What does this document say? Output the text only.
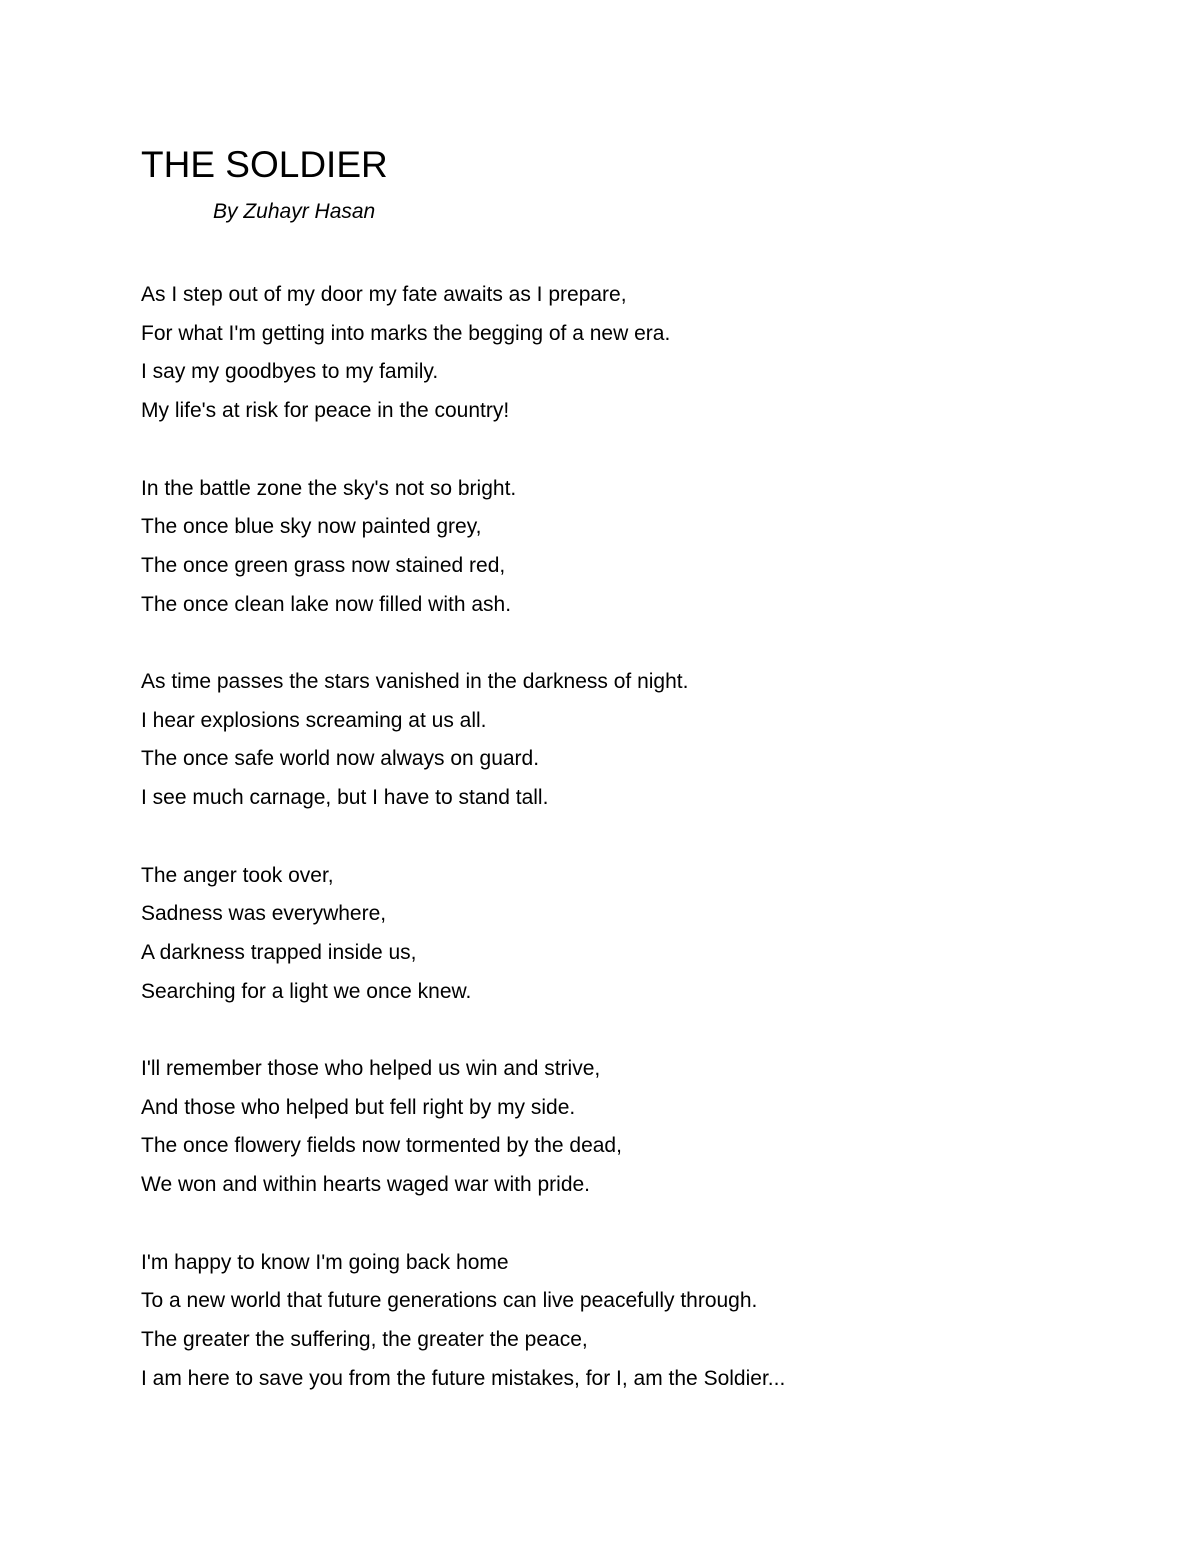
THE SOLDIER

By Zuhayr Hasan

As I step out of my door my fate awaits as I prepare,
For what I'm getting into marks the begging of a new era.
I say my goodbyes to my family.
My life's at risk for peace in the country!
In the battle zone the sky's not so bright.
The once blue sky now painted grey,
The once green grass now stained red,
The once clean lake now filled with ash.
As time passes the stars vanished in the darkness of night.
I hear explosions screaming at us all.
The once safe world now always on guard.
I see much carnage, but I have to stand tall.
The anger took over,
Sadness was everywhere,
A darkness trapped inside us,
Searching for a light we once knew.
I'll remember those who helped us win and strive,
And those who helped but fell right by my side.
The once flowery fields now tormented by the dead,
We won and within hearts waged war with pride.
I'm happy to know I'm going back home
To a new world that future generations can live peacefully through.
The greater the suffering, the greater the peace,
I am here to save you from the future mistakes, for I, am the Soldier...
